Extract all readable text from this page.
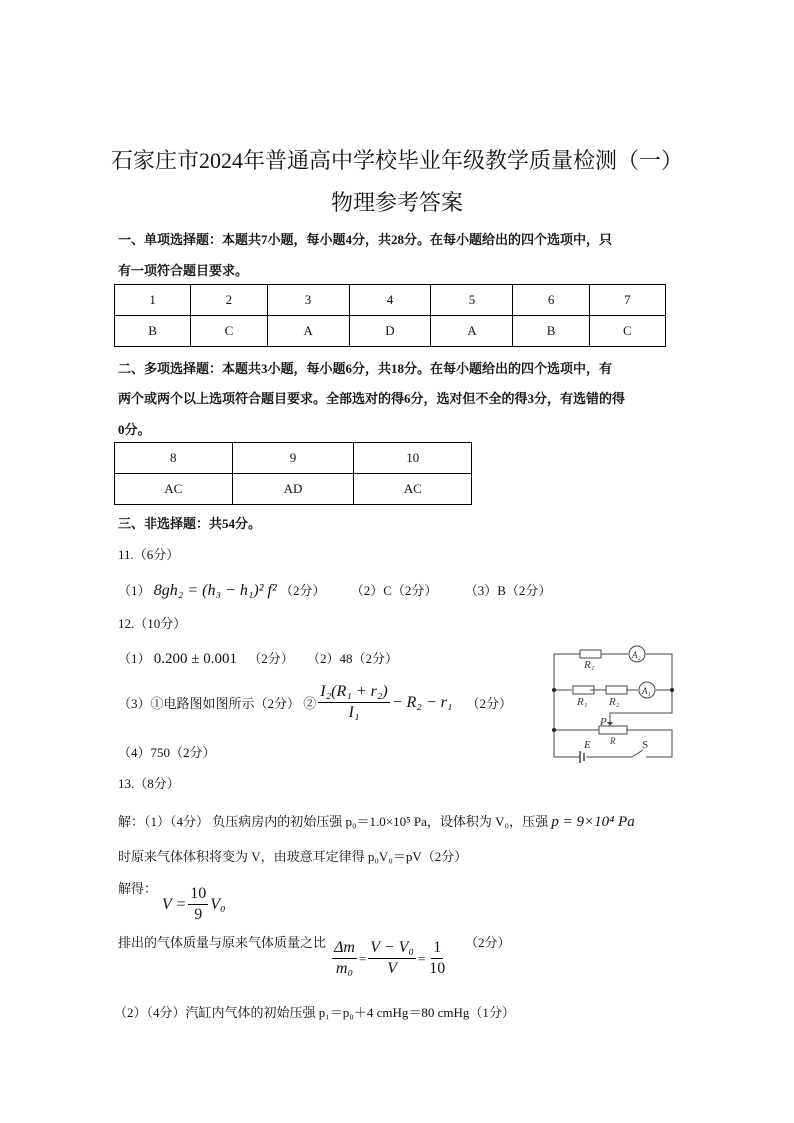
石家庄市2024年普通高中学校毕业年级教学质量检测（一）
物理参考答案
一、单项选择题：本题共7小题，每小题4分，共28分。在每小题给出的四个选项中，只
有一项符合题目要求。
1	2	3	4	5	6	7
B	C	A	D	A	B	C
二、多项选择题：本题共3小题，每小题6分，共18分。在每小题给出的四个选项中，有
两个或两个以上选项符合题目要求。全部选对的得6分，选对但不全的得3分，有选错的得
0分。
8	9	10
AC	AD	AC
三、非选择题：共54分。
11.（6分）
（1） 8gh₂ = (h₃ − h₁)² f² （2分） （2）C（2分） （3）B（2分）
12.（10分）
（1） 0.200 ± 0.001 （2分） （2）48（2分）
（3）①电路图如图所示（2分） ② $\frac{\text{I₂(R₁ + r₂)}}{\text{I₁}} - R_2 - r_1$ （2分）
（4）750（2分）
R₁
A₂
R₁ R₂
A₁
P
R
E	S
13.（8分）
解：（1）（4分） 负压病房内的初始压强 p₀＝1.0×10⁵ Pa，设体积为 V₀，压强 p = 9×10⁴ Pa
时原来气体体积将变为 V，由玻意耳定律得 p₀V₀＝pV（2分）
解得：
$V = \frac{10}{9} V_0$
排出的气体质量与原来气体质量之比 $\frac{\Delta m}{\text{m₀}} = \frac{\text{V − V₀}}{V} = \frac{1}{10} (2$分）
（2）（4分）汽缸内气体的初始压强 p₁＝p₀＋4 cmHg＝80 cmHg（1分）
